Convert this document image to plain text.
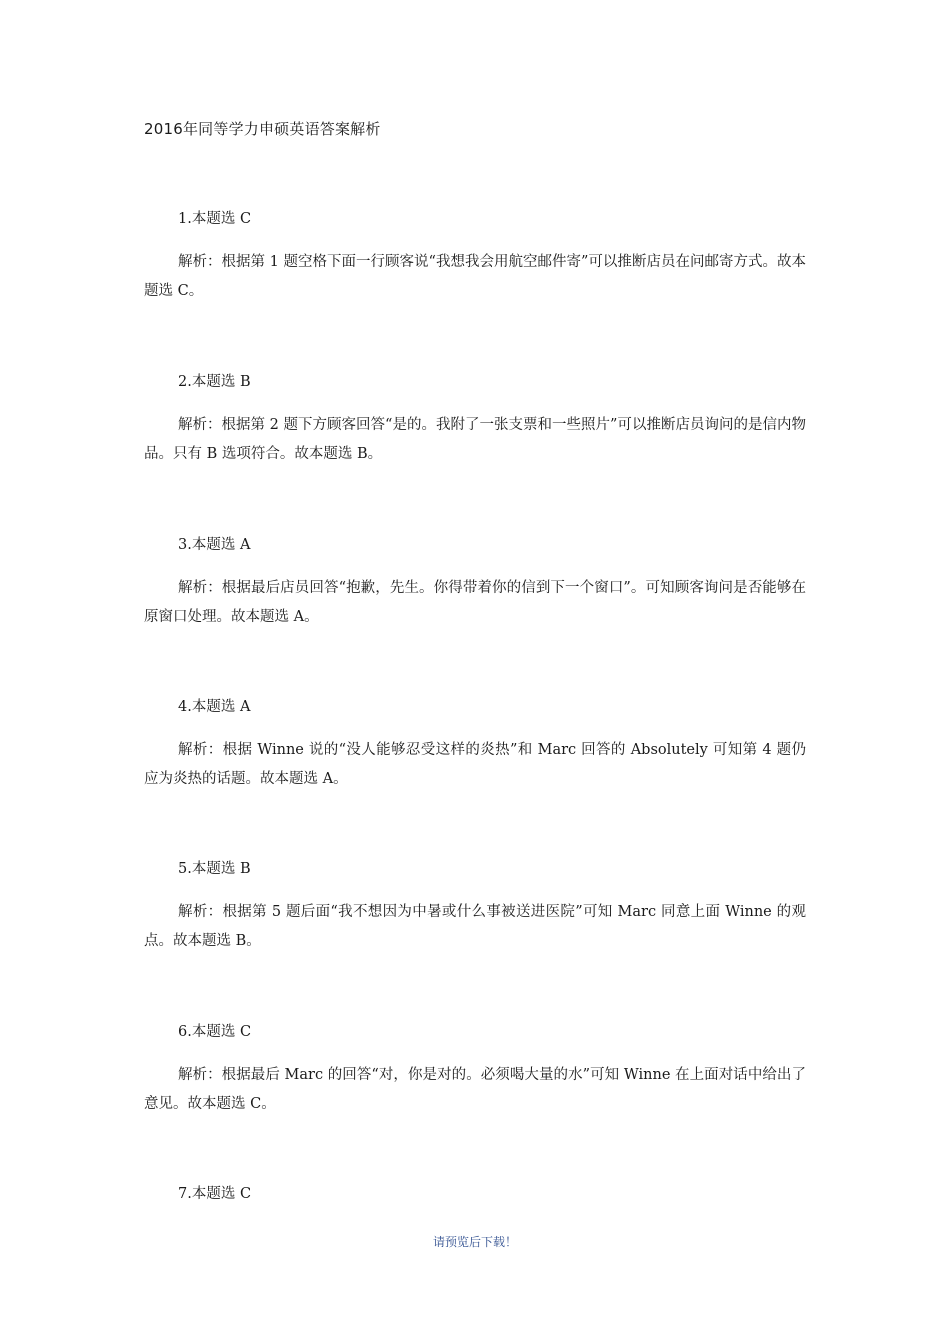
2016年同等学力申硕英语答案解析
1.本题选 C
解析：根据第 1 题空格下面一行顾客说“我想我会用航空邮件寄”可以推断店员在问邮寄方式。故本题选 C。
2.本题选 B
解析：根据第 2 题下方顾客回答“是的。我附了一张支票和一些照片”可以推断店员询问的是信内物品。只有 B 选项符合。故本题选 B。
3.本题选 A
解析：根据最后店员回答“抱歉，先生。你得带着你的信到下一个窗口”。可知顾客询问是否能够在原窗口处理。故本题选 A。
4.本题选 A
解析：根据 Winne 说的“没人能够忍受这样的炎热”和 Marc 回答的 Absolutely 可知第 4 题仍应为炎热的话题。故本题选 A。
5.本题选 B
解析：根据第 5 题后面“我不想因为中暑或什么事被送进医院”可知 Marc 同意上面 Winne 的观点。故本题选 B。
6.本题选 C
解析：根据最后 Marc 的回答“对，你是对的。必须喝大量的水”可知 Winne 在上面对话中给出了意见。故本题选 C。
7.本题选 C
请预览后下载！
